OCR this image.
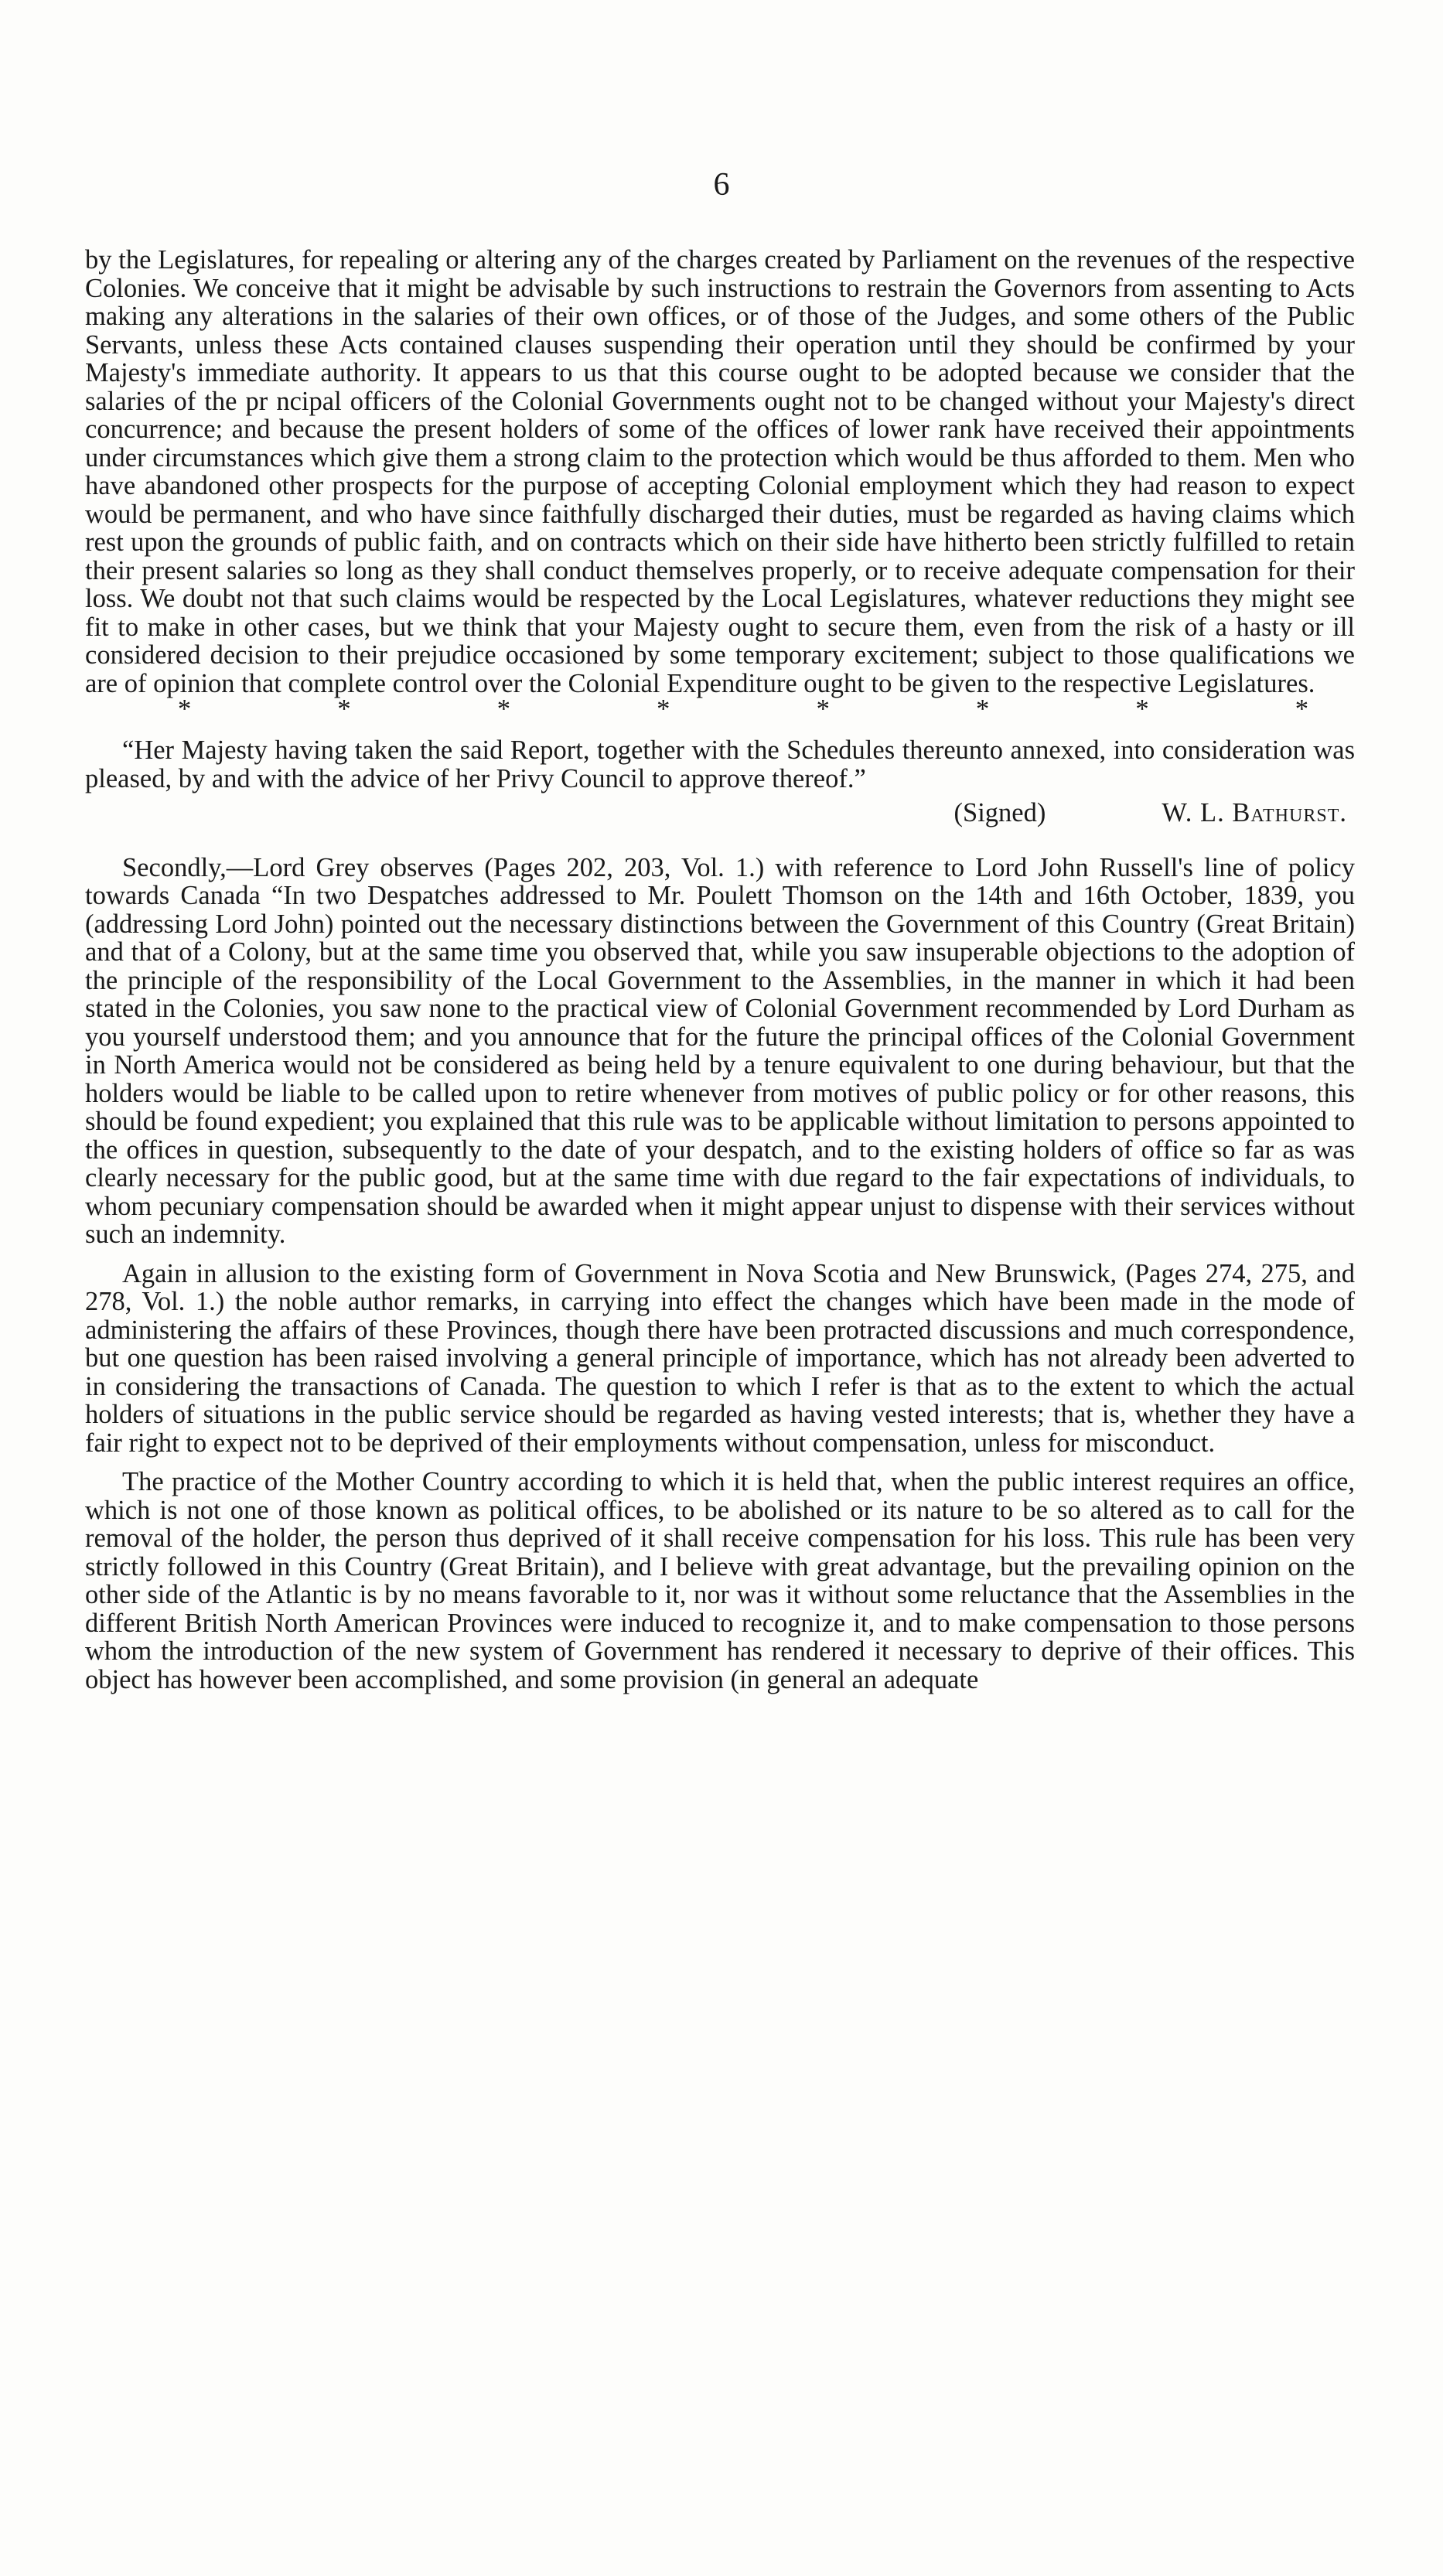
6

by the Legislatures, for repealing or altering any of the charges created by Parliament on the revenues of the respective Colonies. We conceive that it might be advisable by such instructions to restrain the Governors from assenting to Acts making any alterations in the salaries of their own offices, or of those of the Judges, and some others of the Public Servants, unless these Acts contained clauses suspending their operation until they should be confirmed by your Majesty's immediate authority. It appears to us that this course ought to be adopted because we consider that the salaries of the pr ncipal officers of the Colonial Governments ought not to be changed without your Majesty's direct concurrence; and because the present holders of some of the offices of lower rank have received their appointments under circumstances which give them a strong claim to the protection which would be thus afforded to them. Men who have abandoned other prospects for the purpose of accepting Colonial employment which they had reason to expect would be permanent, and who have since faithfully discharged their duties, must be regarded as having claims which rest upon the grounds of public faith, and on contracts which on their side have hitherto been strictly fulfilled to retain their present salaries so long as they shall conduct themselves properly, or to receive adequate compensation for their loss. We doubt not that such claims would be respected by the Local Legislatures, whatever reductions they might see fit to make in other cases, but we think that your Majesty ought to secure them, even from the risk of a hasty or ill considered decision to their prejudice occasioned by some temporary excitement; subject to those qualifications we are of opinion that complete control over the Colonial Expenditure ought to be given to the respective Legislatures.

*	*	*	*	*	*	*	*

“Her Majesty having taken the said Report, together with the Schedules thereunto annexed, into consideration was pleased, by and with the advice of her Privy Council to approve thereof.”

(Signed)	W. L. Bathurst.

Secondly,—Lord Grey observes (Pages 202, 203, Vol. 1.) with reference to Lord John Russell's line of policy towards Canada “In two Despatches addressed to Mr. Poulett Thomson on the 14th and 16th October, 1839, you (addressing Lord John) pointed out the necessary distinctions between the Government of this Country (Great Britain) and that of a Colony, but at the same time you observed that, while you saw insuperable objections to the adoption of the principle of the responsibility of the Local Government to the Assemblies, in the manner in which it had been stated in the Colonies, you saw none to the practical view of Colonial Government recommended by Lord Durham as you yourself understood them; and you announce that for the future the principal offices of the Colonial Government in North America would not be considered as being held by a tenure equivalent to one during behaviour, but that the holders would be liable to be called upon to retire whenever from motives of public policy or for other reasons, this should be found expedient; you explained that this rule was to be applicable without limitation to persons appointed to the offices in question, subsequently to the date of your despatch, and to the existing holders of office so far as was clearly necessary for the public good, but at the same time with due regard to the fair expectations of individuals, to whom pecuniary compensation should be awarded when it might appear unjust to dispense with their services without such an indemnity.

Again in allusion to the existing form of Government in Nova Scotia and New Brunswick, (Pages 274, 275, and 278, Vol. 1.) the noble author remarks, in carrying into effect the changes which have been made in the mode of administering the affairs of these Provinces, though there have been protracted discussions and much correspondence, but one question has been raised involving a general principle of importance, which has not already been adverted to in considering the transactions of Canada. The question to which I refer is that as to the extent to which the actual holders of situations in the public service should be regarded as having vested interests; that is, whether they have a fair right to expect not to be deprived of their employments without compensation, unless for misconduct.

The practice of the Mother Country according to which it is held that, when the public interest requires an office, which is not one of those known as political offices, to be abolished or its nature to be so altered as to call for the removal of the holder, the person thus deprived of it shall receive compensation for his loss. This rule has been very strictly followed in this Country (Great Britain), and I believe with great advantage, but the prevailing opinion on the other side of the Atlantic is by no means favorable to it, nor was it without some reluctance that the Assemblies in the different British North American Provinces were induced to recognize it, and to make compensation to those persons whom the introduction of the new system of Government has rendered it necessary to deprive of their offices. This object has however been accomplished, and some provision (in general an adequate
